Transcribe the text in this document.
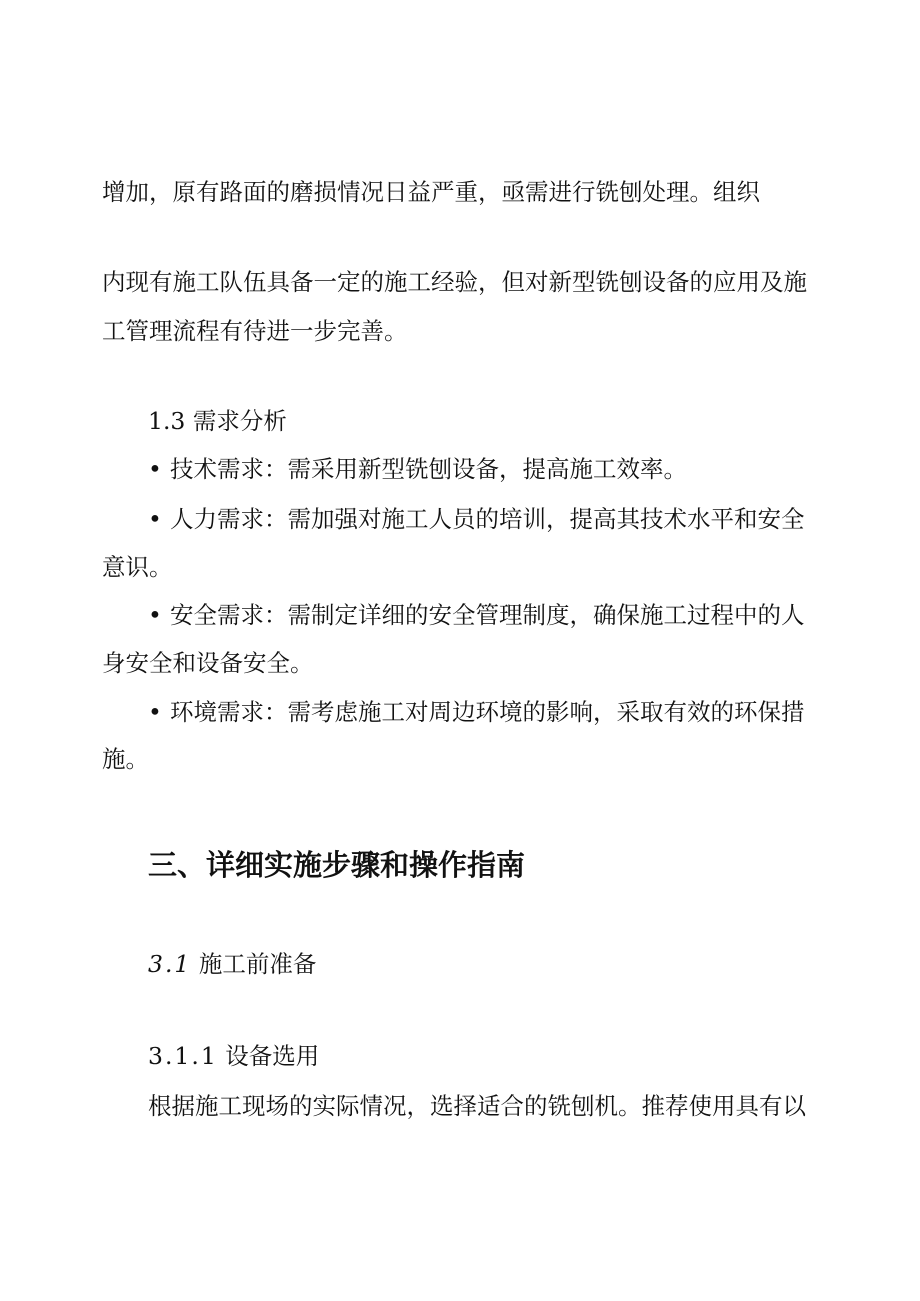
增加，原有路面的磨损情况日益严重，亟需进行铣刨处理。组织

内现有施工队伍具备一定的施工经验，但对新型铣刨设备的应用及施

工管理流程有待进一步完善。

1.3 需求分析

• 技术需求：需采用新型铣刨设备，提高施工效率。

• 人力需求：需加强对施工人员的培训，提高其技术水平和安全

意识。

• 安全需求：需制定详细的安全管理制度，确保施工过程中的人

身安全和设备安全。

• 环境需求：需考虑施工对周边环境的影响，采取有效的环保措

施。

三、详细实施步骤和操作指南

3.1 施工前准备

3.1.1 设备选用

根据施工现场的实际情况，选择适合的铣刨机。推荐使用具有以
